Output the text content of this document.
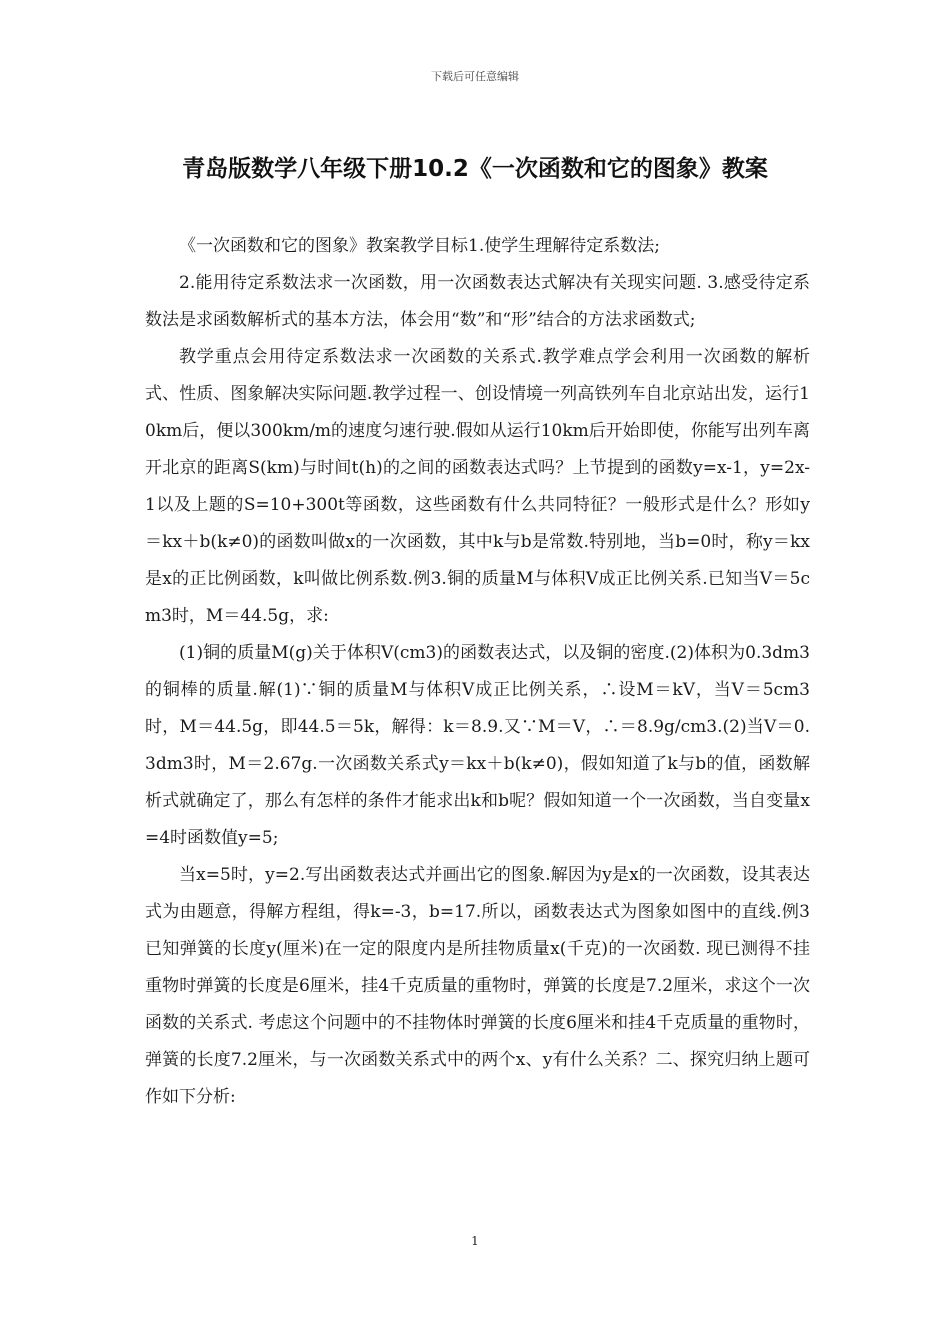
下载后可任意编辑
青岛版数学八年级下册10.2《一次函数和它的图象》教案

《一次函数和它的图象》教案教学目标1.使学生理解待定系数法;

2.能用待定系数法求一次函数，用一次函数表达式解决有关现实问题. 3.感受待定系数法是求函数解析式的基本方法，体会用“数”和“形”结合的方法求函数式;

教学重点会用待定系数法求一次函数的关系式.教学难点学会利用一次函数的解析式、性质、图象解决实际问题.教学过程一、创设情境一列高铁列车自北京站出发，运行10km后，便以300km/m的速度匀速行驶.假如从运行10km后开始即使，你能写出列车离开北京的距离S(km)与时间t(h)的之间的函数表达式吗？上节提到的函数y=x-1，y=2x-1以及上题的S=10+300t等函数，这些函数有什么共同特征？一般形式是什么？形如y＝kx＋b(k≠0)的函数叫做x的一次函数，其中k与b是常数.特别地，当b=0时，称y＝kx是x的正比例函数，k叫做比例系数.例3.铜的质量M与体积V成正比例关系.已知当V＝5cm3时，M＝44.5g，求:

(1)铜的质量M(g)关于体积V(cm3)的函数表达式，以及铜的密度.(2)体积为0.3dm3的铜棒的质量.解(1)∵铜的质量M与体积V成正比例关系，∴设M＝kV，当V＝5cm3时，M＝44.5g，即44.5＝5k，解得：k＝8.9.又∵M＝V，∴＝8.9g/cm3.(2)当V＝0.3dm3时，M＝2.67g.一次函数关系式y＝kx＋b(k≠0)，假如知道了k与b的值，函数解析式就确定了，那么有怎样的条件才能求出k和b呢？假如知道一个一次函数，当自变量x=4时函数值y=5;

当x=5时，y=2.写出函数表达式并画出它的图象.解因为y是x的一次函数，设其表达式为由题意，得解方程组，得k=-3，b=17.所以，函数表达式为图象如图中的直线.例3已知弹簧的长度y(厘米)在一定的限度内是所挂物质量x(千克)的一次函数. 现已测得不挂重物时弹簧的长度是6厘米，挂4千克质量的重物时，弹簧的长度是7.2厘米，求这个一次函数的关系式. 考虑这个问题中的不挂物体时弹簧的长度6厘米和挂4千克质量的重物时，弹簧的长度7.2厘米，与一次函数关系式中的两个x、y有什么关系？二、探究归纳上题可作如下分析:

1
